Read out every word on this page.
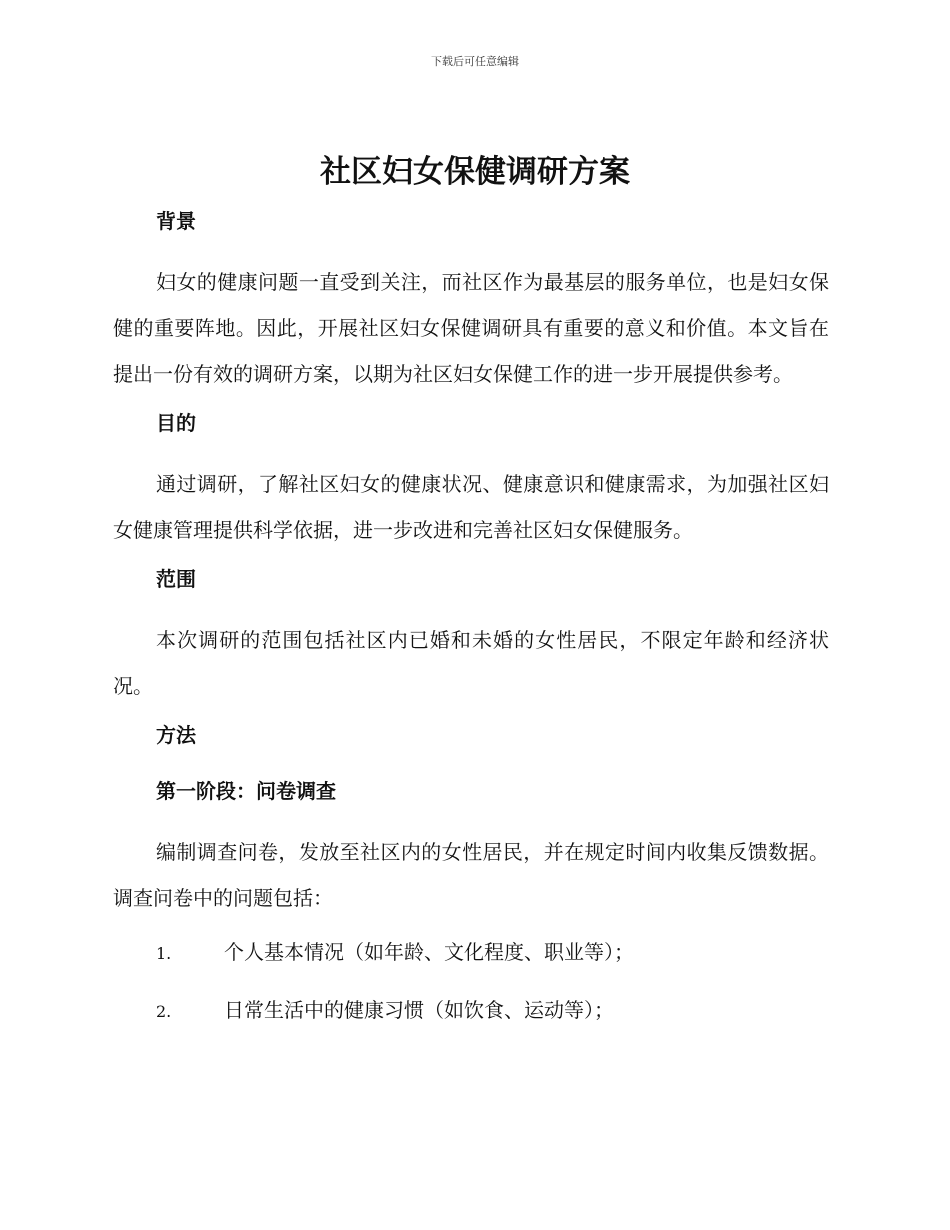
下载后可任意编辑
社区妇女保健调研方案
背景

妇女的健康问题一直受到关注，而社区作为最基层的服务单位，也是妇女保健的重要阵地。因此，开展社区妇女保健调研具有重要的意义和价值。本文旨在提出一份有效的调研方案，以期为社区妇女保健工作的进一步开展提供参考。

目的

通过调研，了解社区妇女的健康状况、健康意识和健康需求，为加强社区妇女健康管理提供科学依据，进一步改进和完善社区妇女保健服务。

范围

本次调研的范围包括社区内已婚和未婚的女性居民，不限定年龄和经济状况。

方法
第一阶段：问卷调查

编制调查问卷，发放至社区内的女性居民，并在规定时间内收集反馈数据。调查问卷中的问题包括：

1.	个人基本情况（如年龄、文化程度、职业等）；
2.	日常生活中的健康习惯（如饮食、运动等）；
